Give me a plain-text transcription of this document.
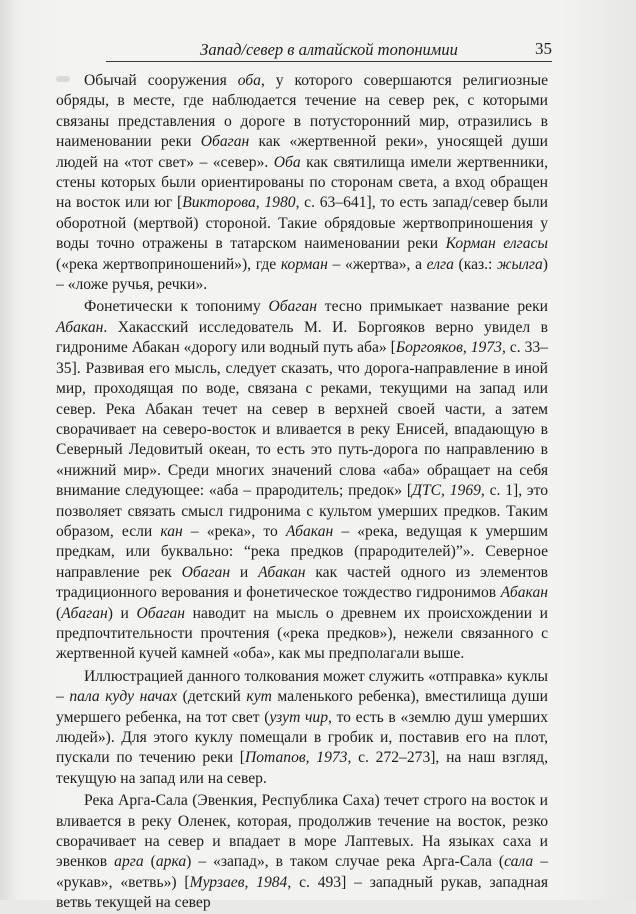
Запад/север в алтайской топонимии	35

Обычай сооружения оба, у которого совершаются религиозные обряды, в месте, где наблюдается течение на север рек, с которыми связаны представления о дороге в потусторонний мир, отразились в наименовании реки Обаган как «жертвенной реки», уносящей души людей на «тот свет» – «север». Оба как святилища имели жертвенники, стены которых были ориентированы по сторонам света, а вход обращен на восток или юг [Викторова, 1980, с. 63–641], то есть запад/север были оборотной (мертвой) стороной. Такие обрядовые жертвоприношения у воды точно отражены в татарском наименовании реки Корман елгасы («река жертвоприношений»), где корман – «жертва», а елга (каз.: жылга) – «ложе ручья, речки».

Фонетически к топониму Обаган тесно примыкает название реки Абакан. Хакасский исследователь М. И. Боргояков верно увидел в гидрониме Абакан «дорогу или водный путь аба» [Боргояков, 1973, с. 33–35]. Развивая его мысль, следует сказать, что дорога-направление в иной мир, проходящая по воде, связана с реками, текущими на запад или север. Река Абакан течет на север в верхней своей части, а затем сворачивает на северо-восток и вливается в реку Енисей, впадающую в Северный Ледовитый океан, то есть это путь-дорога по направлению в «нижний мир». Среди многих значений слова «аба» обращает на себя внимание следующее: «аба – прародитель; предок» [ДТС, 1969, с. 1], это позволяет связать смысл гидронима с культом умерших предков. Таким образом, если кан – «река», то Абакан – «река, ведущая к умершим предкам, или буквально: “река предков (прародителей)”». Северное направление рек Обаган и Абакан как частей одного из элементов традиционного верования и фонетическое тождество гидронимов Абакан (Абаган) и Обаган наводит на мысль о древнем их происхождении и предпочтительности прочтения («река предков»), нежели связанного с жертвенной кучей камней «оба», как мы предполагали выше.

Иллюстрацией данного толкования может служить «отправка» куклы – пала куду начах (детский кут маленького ребенка), вместилища души умершего ребенка, на тот свет (узут чир, то есть в «землю душ умерших людей»). Для этого куклу помещали в гробик и, поставив его на плот, пускали по течению реки [Потапов, 1973, с. 272–273], на наш взгляд, текущую на запад или на север.

Река Арга-Сала (Эвенкия, Республика Саха) течет строго на восток и вливается в реку Оленек, которая, продолжив течение на восток, резко сворачивает на север и впадает в море Лаптевых. На языках саха и эвенков арга (арка) – «запад», в таком случае река Арга-Сала (сала – «рукав», «ветвь») [Мурзаев, 1984, с. 493] – западный рукав, западная ветвь текущей на север
